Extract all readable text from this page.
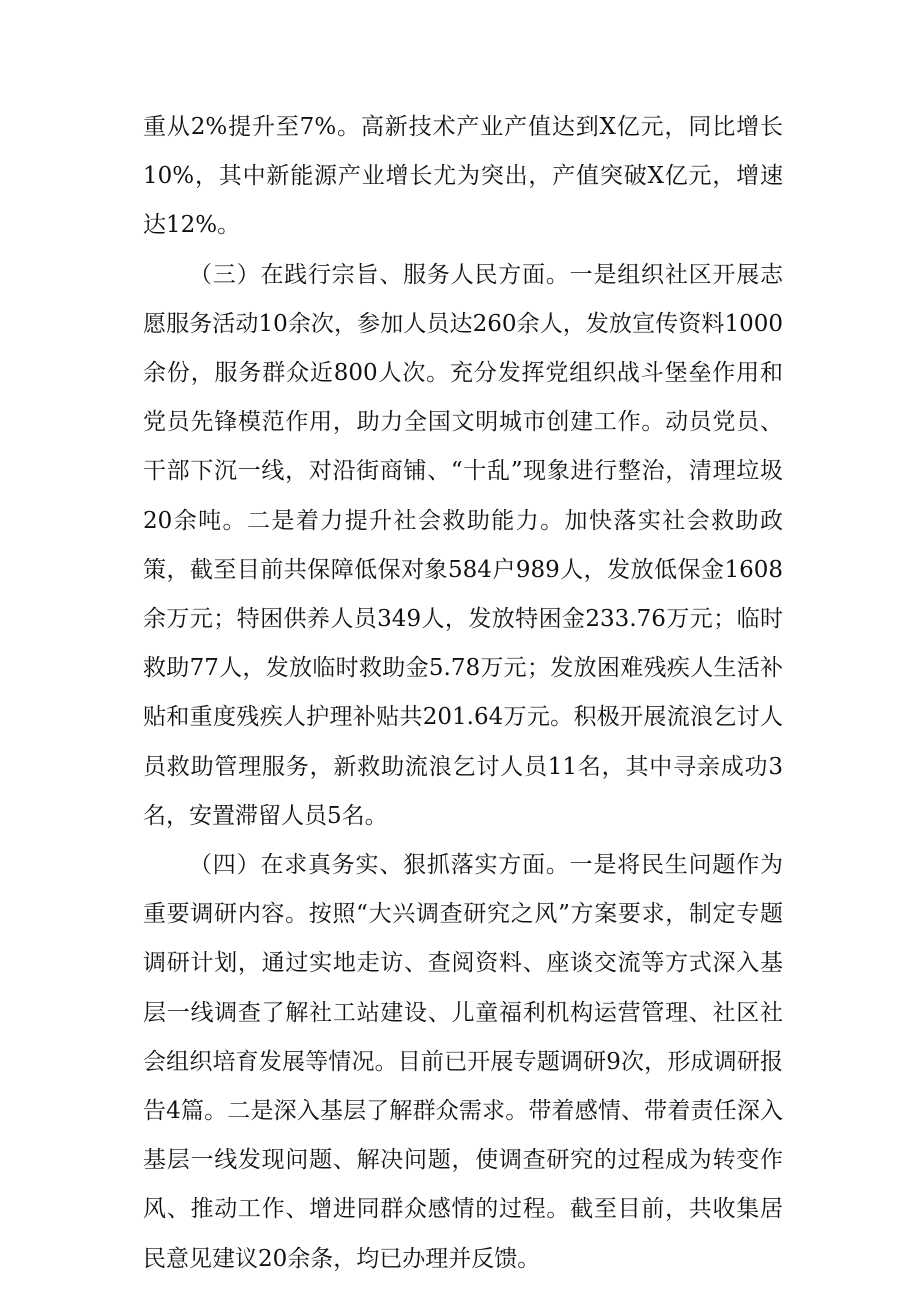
重从2%提升至7%。高新技术产业产值达到X亿元，同比增长10%，其中新能源产业增长尤为突出，产值突破X亿元，增速达12%。

（三）在践行宗旨、服务人民方面。一是组织社区开展志愿服务活动10余次，参加人员达260余人，发放宣传资料1000余份，服务群众近800人次。充分发挥党组织战斗堡垒作用和党员先锋模范作用，助力全国文明城市创建工作。动员党员、干部下沉一线，对沿街商铺、“十乱”现象进行整治，清理垃圾20余吨。二是着力提升社会救助能力。加快落实社会救助政策，截至目前共保障低保对象584户989人，发放低保金1608余万元；特困供养人员349人，发放特困金233.76万元；临时救助77人，发放临时救助金5.78万元；发放困难残疾人生活补贴和重度残疾人护理补贴共201.64万元。积极开展流浪乞讨人员救助管理服务，新救助流浪乞讨人员11名，其中寻亲成功3名，安置滞留人员5名。

（四）在求真务实、狠抓落实方面。一是将民生问题作为重要调研内容。按照“大兴调查研究之风”方案要求，制定专题调研计划，通过实地走访、查阅资料、座谈交流等方式深入基层一线调查了解社工站建设、儿童福利机构运营管理、社区社会组织培育发展等情况。目前已开展专题调研9次，形成调研报告4篇。二是深入基层了解群众需求。带着感情、带着责任深入基层一线发现问题、解决问题，使调查研究的过程成为转变作风、推动工作、增进同群众感情的过程。截至目前，共收集居民意见建议20余条，均已办理并反馈。
